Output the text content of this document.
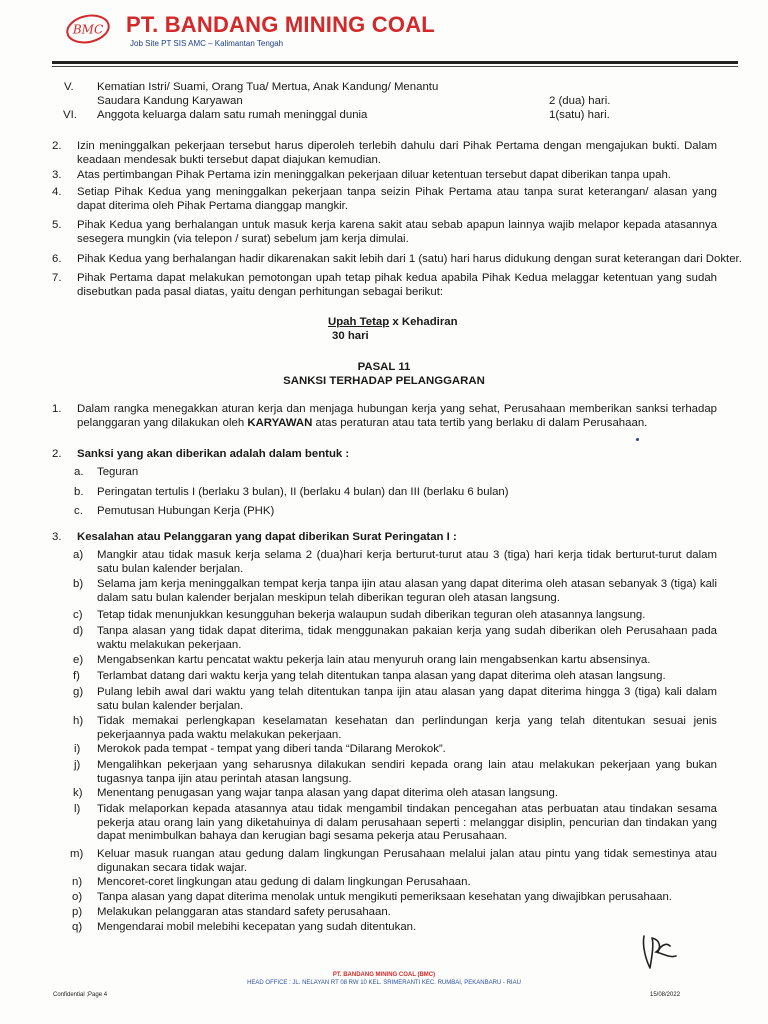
BMC PT. BANDANG MINING COAL
Job Site PT SIS AMC – Kalimantan Tengah
V. Kematian Istri/ Suami, Orang Tua/ Mertua, Anak Kandung/ Menantu
Saudara Kandung Karyawan	2 (dua) hari.
VI. Anggota keluarga dalam satu rumah meninggal dunia	1(satu) hari.
2. Izin meninggalkan pekerjaan tersebut harus diperoleh terlebih dahulu dari Pihak Pertama dengan mengajukan bukti. Dalam keadaan mendesak bukti tersebut dapat diajukan kemudian.
3. Atas pertimbangan Pihak Pertama izin meninggalkan pekerjaan diluar ketentuan tersebut dapat diberikan tanpa upah.
4. Setiap Pihak Kedua yang meninggalkan pekerjaan tanpa seizin Pihak Pertama atau tanpa surat keterangan/ alasan yang dapat diterima oleh Pihak Pertama dianggap mangkir.
5. Pihak Kedua yang berhalangan untuk masuk kerja karena sakit atau sebab apapun lainnya wajib melapor kepada atasannya sesegera mungkin (via telepon / surat) sebelum jam kerja dimulai.
6. Pihak Kedua yang berhalangan hadir dikarenakan sakit lebih dari 1 (satu) hari harus didukung dengan surat keterangan dari Dokter.
7. Pihak Pertama dapat melakukan pemotongan upah tetap pihak kedua apabila Pihak Kedua melaggar ketentuan yang sudah disebutkan pada pasal diatas, yaitu dengan perhitungan sebagai berikut:
Upah Tetap x Kehadiran
30 hari
PASAL 11
SANKSI TERHADAP PELANGGARAN
1. Dalam rangka menegakkan aturan kerja dan menjaga hubungan kerja yang sehat, Perusahaan memberikan sanksi terhadap pelanggaran yang dilakukan oleh KARYAWAN atas peraturan atau tata tertib yang berlaku di dalam Perusahaan.
2. Sanksi yang akan diberikan adalah dalam bentuk :
a. Teguran
b. Peringatan tertulis I (berlaku 3 bulan), II (berlaku 4 bulan) dan III (berlaku 6 bulan)
c. Pemutusan Hubungan Kerja (PHK)
3. Kesalahan atau Pelanggaran yang dapat diberikan Surat Peringatan I :
a) Mangkir atau tidak masuk kerja selama 2 (dua)hari kerja berturut-turut atau 3 (tiga) hari kerja tidak berturut-turut dalam satu bulan kalender berjalan.
b) Selama jam kerja meninggalkan tempat kerja tanpa ijin atau alasan yang dapat diterima oleh atasan sebanyak 3 (tiga) kali dalam satu bulan kalender berjalan meskipun telah diberikan teguran oleh atasan langsung.
c) Tetap tidak menunjukkan kesungguhan bekerja walaupun sudah diberikan teguran oleh atasannya langsung.
d) Tanpa alasan yang tidak dapat diterima, tidak menggunakan pakaian kerja yang sudah diberikan oleh Perusahaan pada waktu melakukan pekerjaan.
e) Mengabsenkan kartu pencatat waktu pekerja lain atau menyuruh orang lain mengabsenkan kartu absensinya.
f) Terlambat datang dari waktu kerja yang telah ditentukan tanpa alasan yang dapat diterima oleh atasan langsung.
g) Pulang lebih awal dari waktu yang telah ditentukan tanpa ijin atau alasan yang dapat diterima hingga 3 (tiga) kali dalam satu bulan kalender berjalan.
h) Tidak memakai perlengkapan keselamatan kesehatan dan perlindungan kerja yang telah ditentukan sesuai jenis pekerjaannya pada waktu melakukan pekerjaan.
i) Merokok pada tempat - tempat yang diberi tanda “Dilarang Merokok”.
j) Mengalihkan pekerjaan yang seharusnya dilakukan sendiri kepada orang lain atau melakukan pekerjaan yang bukan tugasnya tanpa ijin atau perintah atasan langsung.
k) Menentang penugasan yang wajar tanpa alasan yang dapat diterima oleh atasan langsung.
l) Tidak melaporkan kepada atasannya atau tidak mengambil tindakan pencegahan atas perbuatan atau tindakan sesama pekerja atau orang lain yang diketahuinya di dalam perusahaan seperti : melanggar disiplin, pencurian dan tindakan yang dapat menimbulkan bahaya dan kerugian bagi sesama pekerja atau Perusahaan.
m) Keluar masuk ruangan atau gedung dalam lingkungan Perusahaan melalui jalan atau pintu yang tidak semestinya atau digunakan secara tidak wajar.
n) Mencoret-coret lingkungan atau gedung di dalam lingkungan Perusahaan.
o) Tanpa alasan yang dapat diterima menolak untuk mengikuti pemeriksaan kesehatan yang diwajibkan perusahaan.
p) Melakukan pelanggaran atas standard safety perusahaan.
q) Mengendarai mobil melebihi kecepatan yang sudah ditentukan.
PT. BANDANG MINING COAL (BMC)
HEAD OFFICE : JL. NELAYAN RT 08 RW 10 KEL. SRIMERANTI KEC. RUMBAI, PEKANBARU - RIAU
Confidential ;Page 4	15/08/2022
